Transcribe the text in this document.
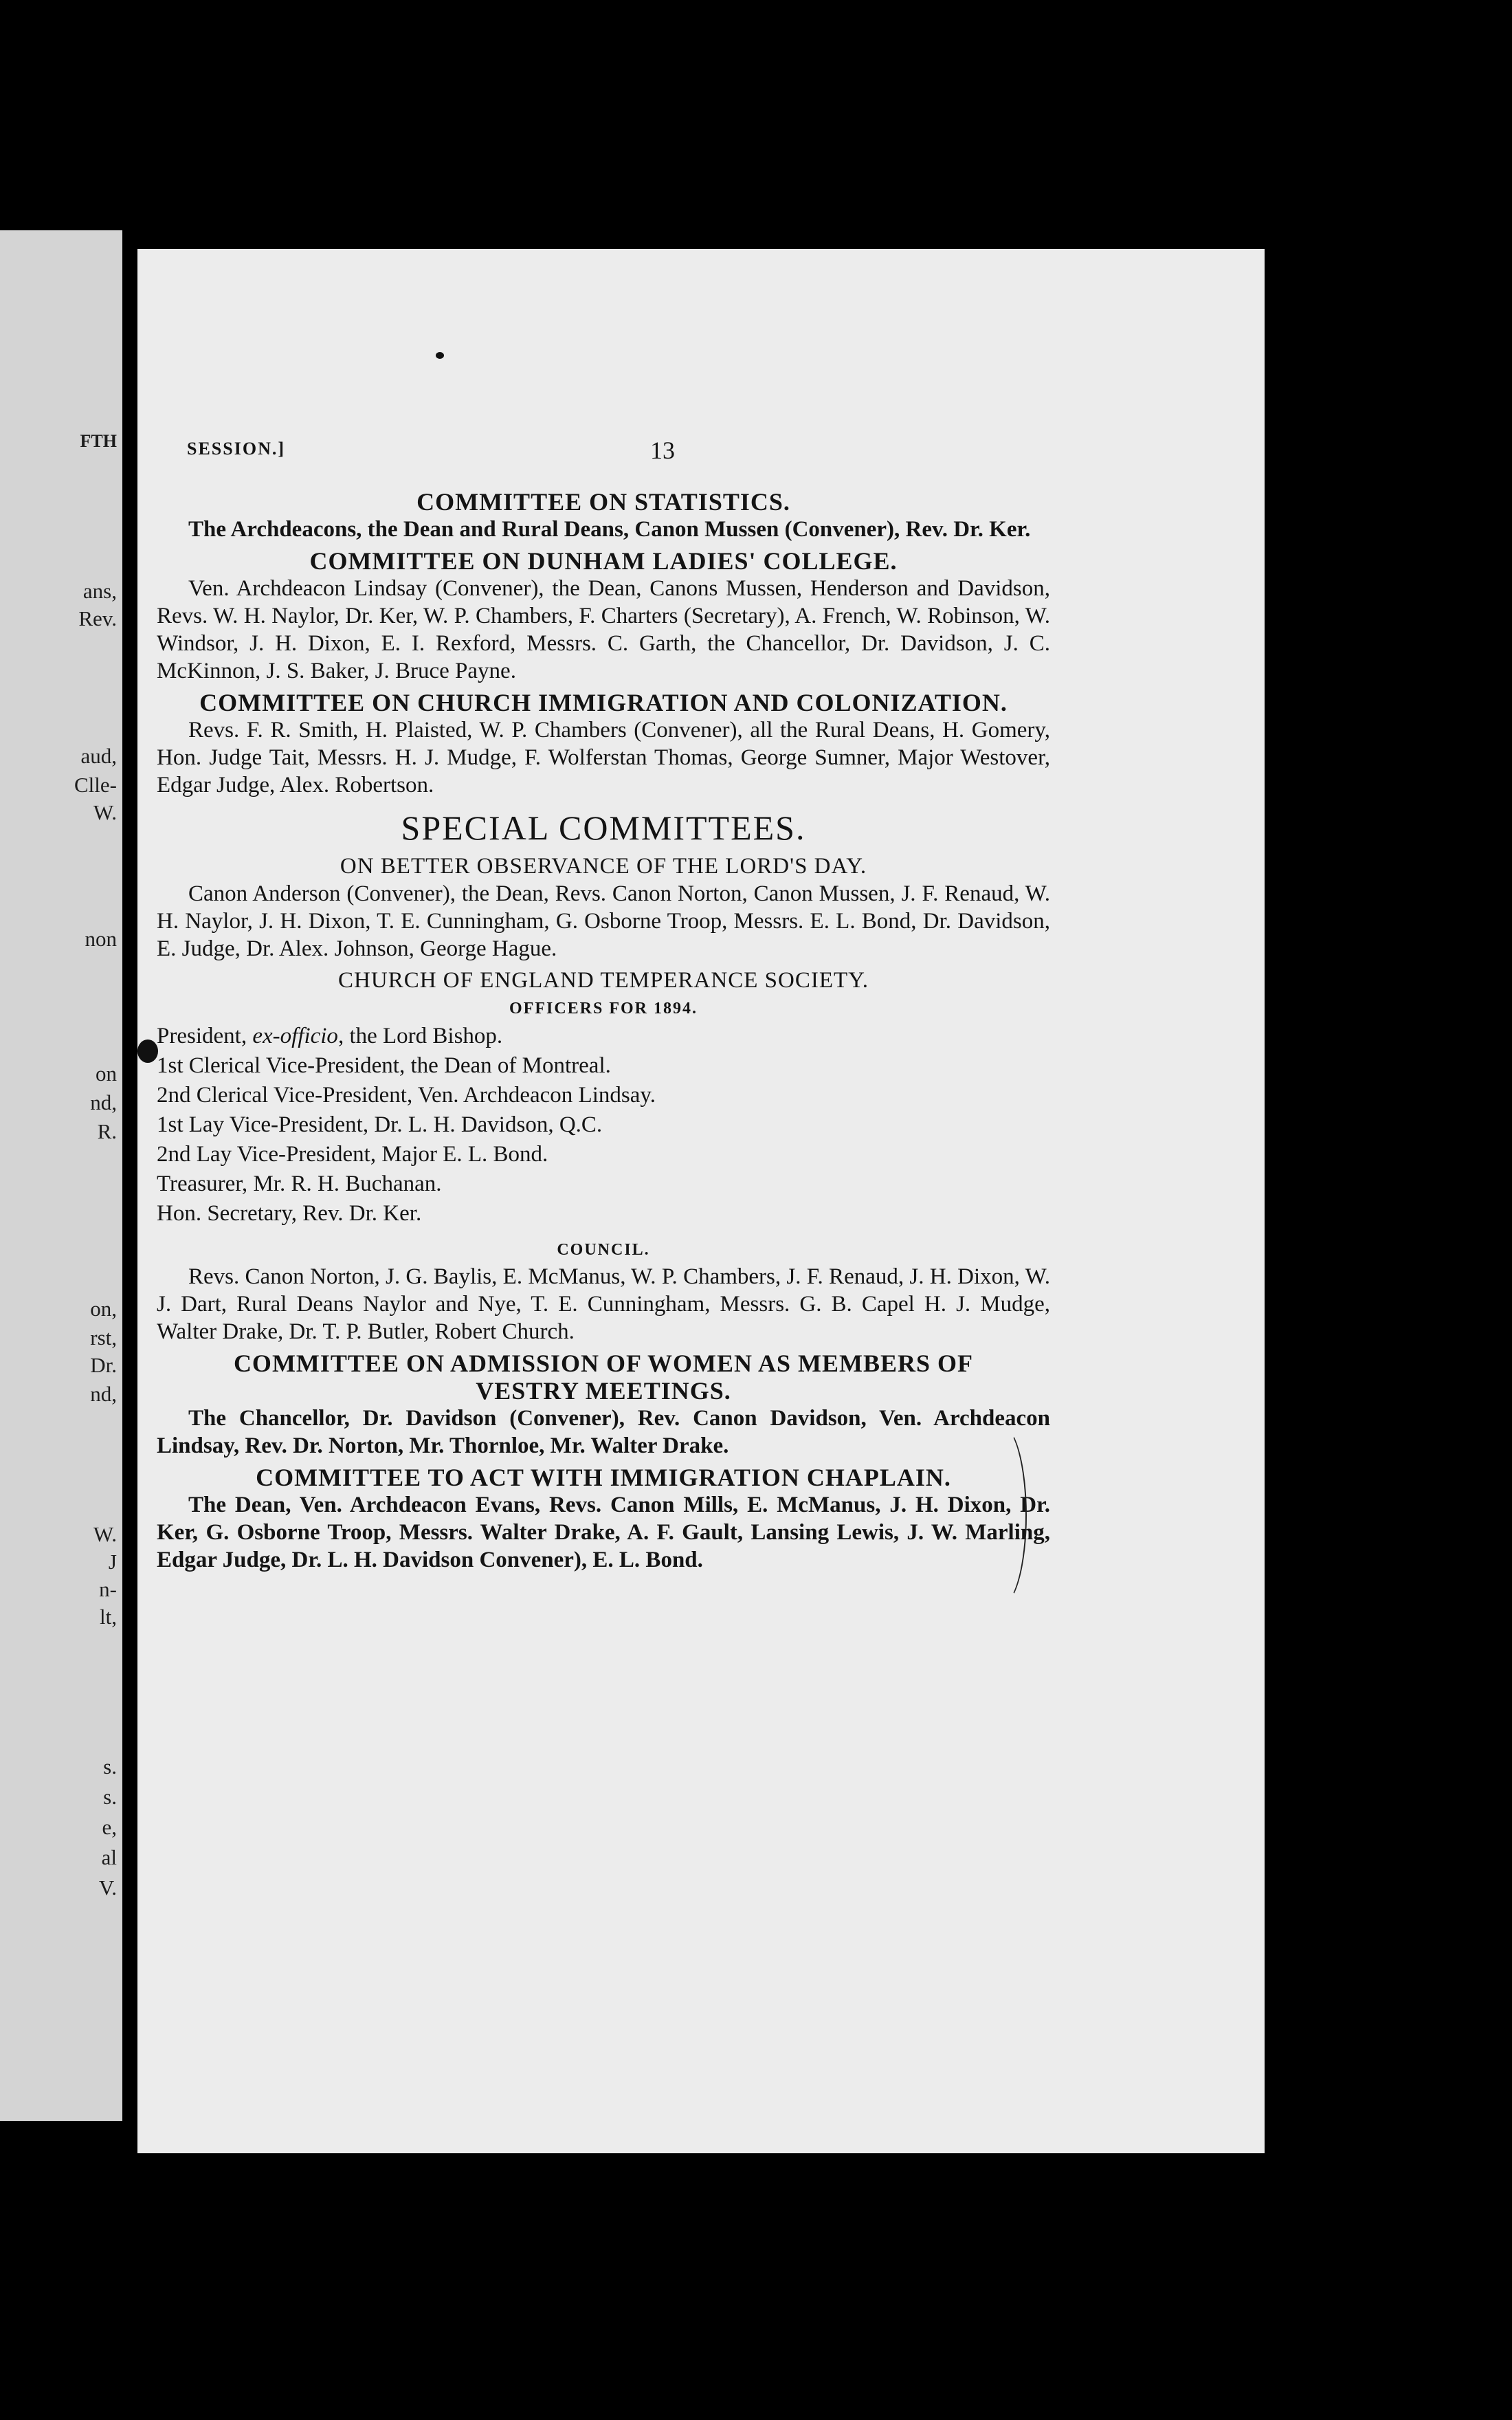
FTH
ans,
Rev.
aud,
Clle-
W.
non
on
nd,
R.
on,
rst,
Dr.
nd,
W.
J
n-
lt,
s.
s.
e,
al
V.
SESSION.]	13
COMMITTEE ON STATISTICS.

The Archdeacons, the Dean and Rural Deans, Canon Mussen (Convener), Rev. Dr. Ker.

COMMITTEE ON DUNHAM LADIES' COLLEGE.

Ven. Archdeacon Lindsay (Convener), the Dean, Canons Mussen, Henderson and Davidson, Revs. W. H. Naylor, Dr. Ker, W. P. Chambers, F. Charters (Secretary), A. French, W. Robinson, W. Windsor, J. H. Dixon, E. I. Rexford, Messrs. C. Garth, the Chancellor, Dr. Davidson, J. C. McKinnon, J. S. Baker, J. Bruce Payne.

COMMITTEE ON CHURCH IMMIGRATION AND COLONIZATION.

Revs. F. R. Smith, H. Plaisted, W. P. Chambers (Convener), all the Rural Deans, H. Gomery, Hon. Judge Tait, Messrs. H. J. Mudge, F. Wolferstan Thomas, George Sumner, Major Westover, Edgar Judge, Alex. Robertson.

SPECIAL COMMITTEES.
ON BETTER OBSERVANCE OF THE LORD'S DAY.

Canon Anderson (Convener), the Dean, Revs. Canon Norton, Canon Mussen, J. F. Renaud, W. H. Naylor, J. H. Dixon, T. E. Cunningham, G. Osborne Troop, Messrs. E. L. Bond, Dr. Davidson, E. Judge, Dr. Alex. Johnson, George Hague.

CHURCH OF ENGLAND TEMPERANCE SOCIETY.
OFFICERS FOR 1894.
President, ex-officio, the Lord Bishop.
1st Clerical Vice-President, the Dean of Montreal.
2nd Clerical Vice-President, Ven. Archdeacon Lindsay.
1st Lay Vice-President, Dr. L. H. Davidson, Q.C.
2nd Lay Vice-President, Major E. L. Bond.
Treasurer, Mr. R. H. Buchanan.
Hon. Secretary, Rev. Dr. Ker.
COUNCIL.

Revs. Canon Norton, J. G. Baylis, E. McManus, W. P. Chambers, J. F. Renaud, J. H. Dixon, W. J. Dart, Rural Deans Naylor and Nye, T. E. Cunningham, Messrs. G. B. Capel H. J. Mudge, Walter Drake, Dr. T. P. Butler, Robert Church.

COMMITTEE ON ADMISSION OF WOMEN AS MEMBERS OF
VESTRY MEETINGS.

The Chancellor, Dr. Davidson (Convener), Rev. Canon Davidson, Ven. Archdeacon Lindsay, Rev. Dr. Norton, Mr. Thornloe, Mr. Walter Drake.

COMMITTEE TO ACT WITH IMMIGRATION CHAPLAIN.

The Dean, Ven. Archdeacon Evans, Revs. Canon Mills, E. McManus, J. H. Dixon, Dr. Ker, G. Osborne Troop, Messrs. Walter Drake, A. F. Gault, Lansing Lewis, J. W. Marling, Edgar Judge, Dr. L. H. Davidson Convener), E. L. Bond.
